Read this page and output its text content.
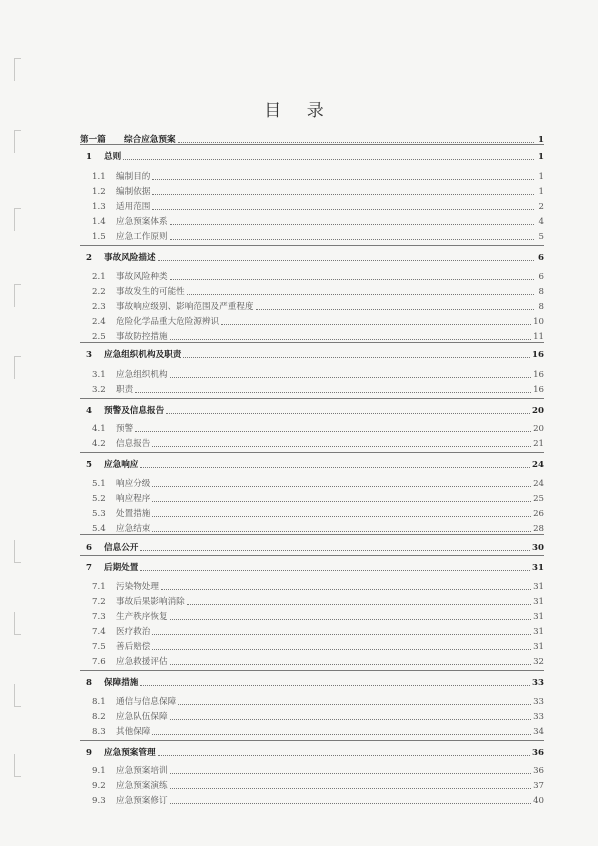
目 录
第一篇	综合应急预案	1
1	总则	1
1.1	编制目的	1
1.2	编制依据	1
1.3	适用范围	2
1.4	应急预案体系	4
1.5	应急工作原则	5
2	事故风险描述	6
2.1	事故风险种类	6
2.2	事故发生的可能性	8
2.3	事故响应级别、影响范围及严重程度	8
2.4	危险化学品重大危险源辨识	10
2.5	事故防控措施	11
3	应急组织机构及职责	16
3.1	应急组织机构	16
3.2	职责	16
4	预警及信息报告	20
4.1	预警	20
4.2	信息报告	21
5	应急响应	24
5.1	响应分级	24
5.2	响应程序	25
5.3	处置措施	26
5.4	应急结束	28
6	信息公开	30
7	后期处置	31
7.1	污染物处理	31
7.2	事故后果影响消除	31
7.3	生产秩序恢复	31
7.4	医疗救治	31
7.5	善后赔偿	31
7.6	应急救援评估	32
8	保障措施	33
8.1	通信与信息保障	33
8.2	应急队伍保障	33
8.3	其他保障	34
9	应急预案管理	36
9.1	应急预案培训	36
9.2	应急预案演练	37
9.3	应急预案修订	40
